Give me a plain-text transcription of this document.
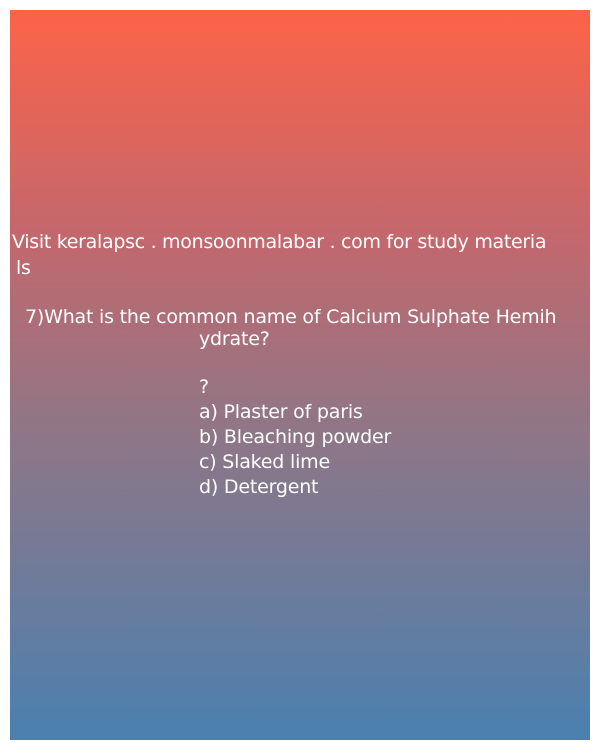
Visit keralapsc . monsoonmalabar . com for study materia
ls
7)What is the common name of Calcium Sulphate Hemih
ydrate?
?
a) Plaster of paris
b) Bleaching powder
c) Slaked lime
d) Detergent
